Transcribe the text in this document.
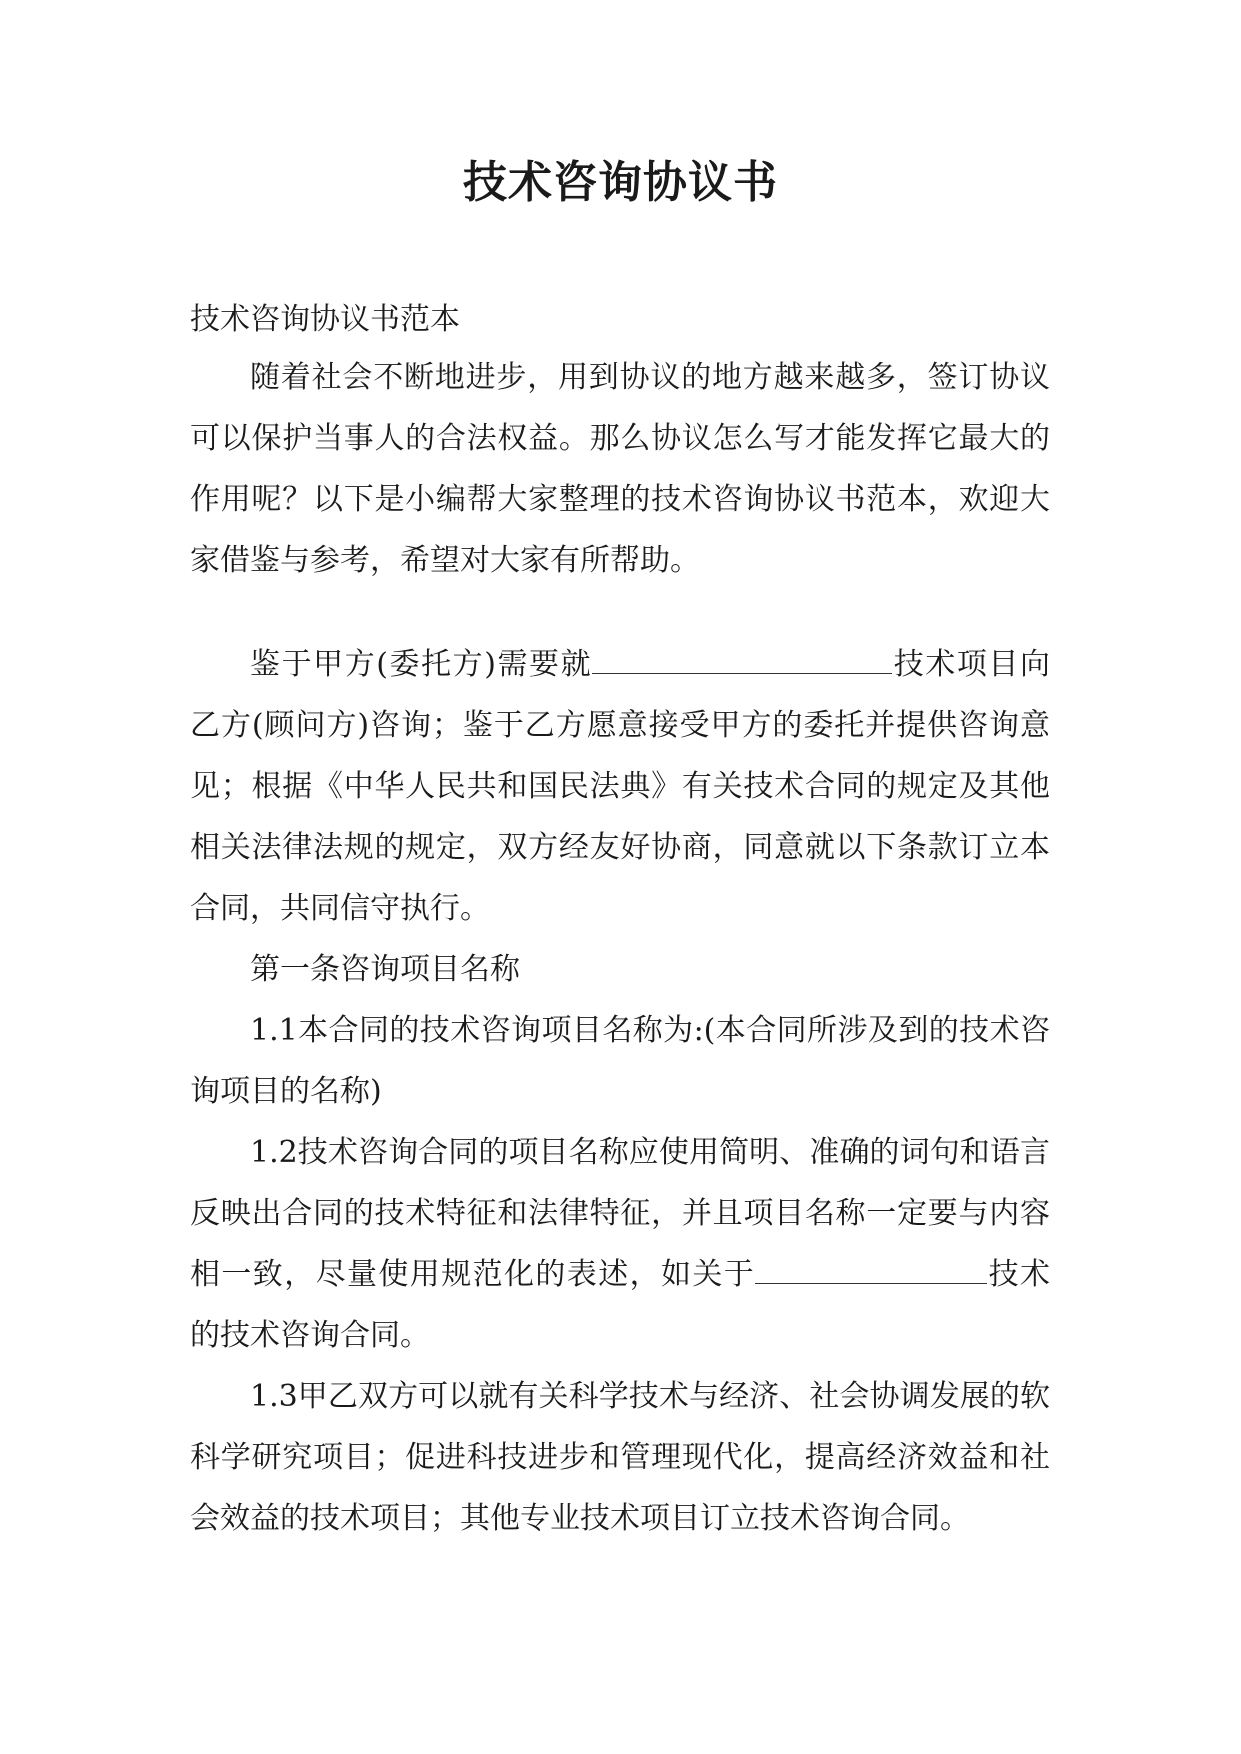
技术咨询协议书

技术咨询协议书范本

随着社会不断地进步，用到协议的地方越来越多，签订协议可以保护当事人的合法权益。那么协议怎么写才能发挥它最大的作用呢？以下是小编帮大家整理的技术咨询协议书范本，欢迎大家借鉴与参考，希望对大家有所帮助。

鉴于甲方(委托方)需要就	技术项目向乙方(顾问方)咨询；鉴于乙方愿意接受甲方的委托并提供咨询意见；根据《中华人民共和国民法典》有关技术合同的规定及其他相关法律法规的规定，双方经友好协商，同意就以下条款订立本合同，共同信守执行。

第一条咨询项目名称

1.1本合同的技术咨询项目名称为:(本合同所涉及到的技术咨询项目的名称)

1.2技术咨询合同的项目名称应使用简明、准确的词句和语言反映出合同的技术特征和法律特征，并且项目名称一定要与内容相一致，尽量使用规范化的表述，如关于	技术的技术咨询合同。

1.3甲乙双方可以就有关科学技术与经济、社会协调发展的软科学研究项目；促进科技进步和管理现代化，提高经济效益和社会效益的技术项目；其他专业技术项目订立技术咨询合同。
